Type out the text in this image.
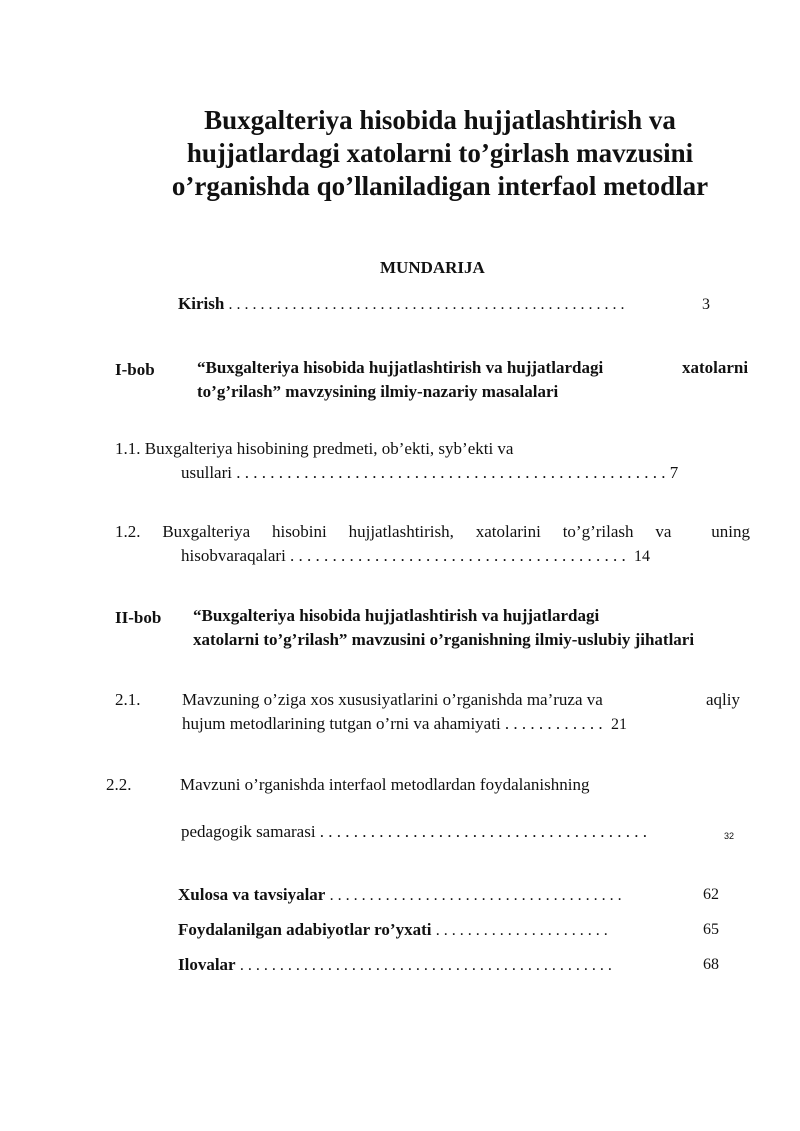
Buxgalteriya hisobida hujjatlashtirish va
hujjatlardagi xatolarni to’girlash mavzusini
o’rganishda qo’llaniladigan interfaol metodlar
MUNDARIJA
Kirish . . . . . . . . . . . . . . . . . . . . . . . . . . . . . . . . . . . . . . . . . . . . . . . . . .	3
I-bob “Buxgalteriya hisobida hujjatlashtirish va hujjatlardagi	xatolarni
to’g’rilash” mavzysining ilmiy-nazariy masalalari
1.1. Buxgalteriya hisobining predmeti, ob’ekti, syb’ekti va
usullari . . . . . . . . . . . . . . . . . . . . . . . . . . . . . . . . . . . . . . . . . . . . . . . . . . . 7
1.2. Buxgalteriya hisobini hujjatlashtirish, xatolarini to’g’rilash va uning
hisobvaraqalari . . . . . . . . . . . . . . . . . . . . . . . . . . . . . . . . . . . . . . . . 14
II-bob “Buxgalteriya hisobida hujjatlashtirish va hujjatlardagi
xatolarni to’g’rilash” mavzusini o’rganishning ilmiy-uslubiy jihatlari
2.1. Mavzuning o’ziga xos xususiyatlarini o’rganishda ma’ruza va	aqliy
hujum metodlarining tutgan o’rni va ahamiyati . . . . . . . . . . . . 21
2.2.	Mavzuni o’rganishda interfaol metodlardan foydalanishning
pedagogik samarasi . . . . . . . . . . . . . . . . . . . . . . . . . . . . . . . . . . . . . . .	32
Xulosa va tavsiyalar . . . . . . . . . . . . . . . . . . . . . . . . . . . . . . . . . . . . .	62
Foydalanilgan adabiyotlar ro’yxati . . . . . . . . . . . . . . . . . . . . . .	65
Ilovalar . . . . . . . . . . . . . . . . . . . . . . . . . . . . . . . . . . . . . . . . . . . . . . .	68
